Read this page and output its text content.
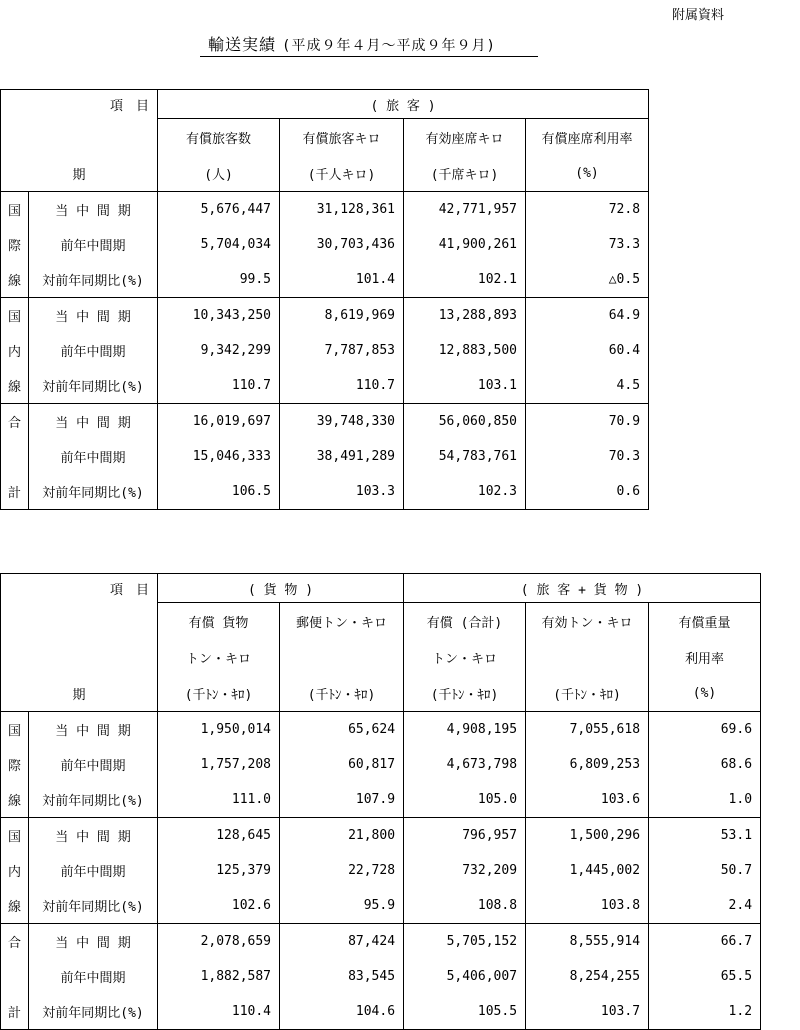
附属資料
輸送実績 (平成９年４月〜平成９年９月)
項　目		( 旅 客 )			
		有償旅客数	有償旅客キロ	有効座席キロ	有償座席利用率
期		(人)	(千人キロ)	(千席キロ)	(%)
国	当 中 間 期	5,676,447	31,128,361	42,771,957	72.8
際	前年中間期	5,704,034	30,703,436	41,900,261	73.3
線	対前年同期比(%)	99.5	101.4	102.1	△0.5
国	当 中 間 期	10,343,250	8,619,969	13,288,893	64.9
内	前年中間期	9,342,299	7,787,853	12,883,500	60.4
線	対前年同期比(%)	110.7	110.7	103.1	4.5
合	当 中 間 期	16,019,697	39,748,330	56,060,850	70.9
	前年中間期	15,046,333	38,491,289	54,783,761	70.3
計	対前年同期比(%)	106.5	103.3	102.3	0.6
項　目		( 貨 物 )		( 旅 客 + 貨 物 )		
		有償 貨物	郵便トン・キロ	有償 (合計)	有効トン・キロ	有償重量
		トン・キロ		トン・キロ		利用率
期		(千ﾄﾝ・ｷﾛ)	(千ﾄﾝ・ｷﾛ)	(千ﾄﾝ・ｷﾛ)	(千ﾄﾝ・ｷﾛ)	(%)
国	当 中 間 期	1,950,014	65,624	4,908,195	7,055,618	69.6
際	前年中間期	1,757,208	60,817	4,673,798	6,809,253	68.6
線	対前年同期比(%)	111.0	107.9	105.0	103.6	1.0
国	当 中 間 期	128,645	21,800	796,957	1,500,296	53.1
内	前年中間期	125,379	22,728	732,209	1,445,002	50.7
線	対前年同期比(%)	102.6	95.9	108.8	103.8	2.4
合	当 中 間 期	2,078,659	87,424	5,705,152	8,555,914	66.7
	前年中間期	1,882,587	83,545	5,406,007	8,254,255	65.5
計	対前年同期比(%)	110.4	104.6	105.5	103.7	1.2
